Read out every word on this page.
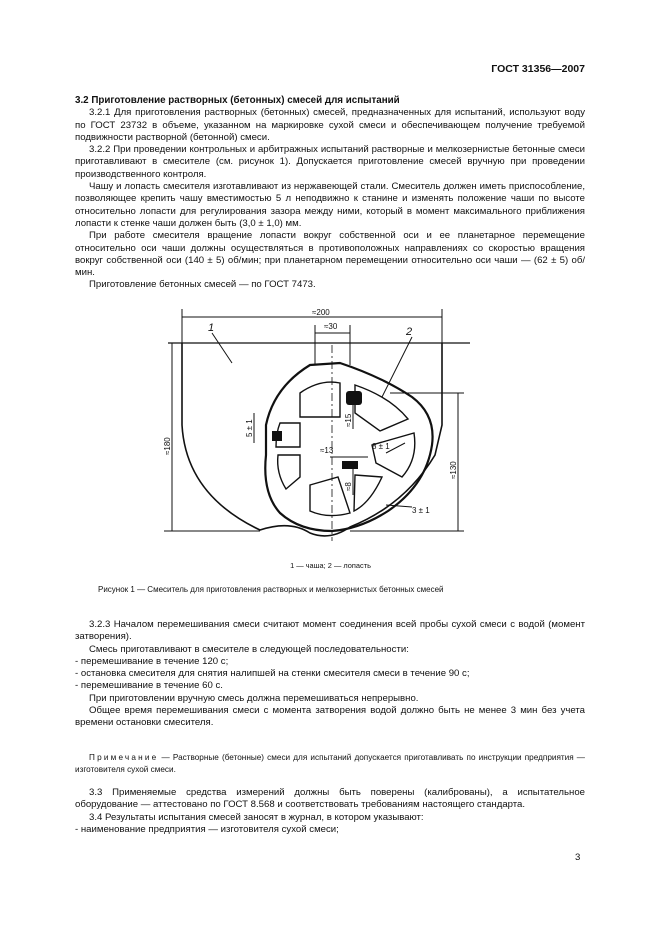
ГОСТ 31356—2007

3.2 Приготовление растворных (бетонных) смесей для испытаний

3.2.1 Для приготовления растворных (бетонных) смесей, предназначенных для испытаний, используют воду по ГОСТ 23732 в объеме, указанном на маркировке сухой смеси и обеспечивающем получение требуемой подвижности растворной (бетонной) смеси.

3.2.2 При проведении контрольных и арбитражных испытаний растворные и мелкозернистые бетонные смеси приготавливают в смесителе (см. рисунок 1). Допускается приготовление смесей вручную при проведении производственного контроля.

Чашу и лопасть смесителя изготавливают из нержавеющей стали. Смеситель должен иметь приспособление, позволяющее крепить чашу вместимостью 5 л неподвижно к станине и изменять положение чаши по высоте относительно лопасти для регулирования зазора между ними, который в момент максимального приближения лопасти к стенке чаши должен быть (3,0 ± 1,0) мм.

При работе смесителя вращение лопасти вокруг собственной оси и ее планетарное перемещение относительно оси чаши должны осуществляться в противоположных направлениях со скоростью вращения вокруг собственной оси (140 ± 5) об/мин; при планетарном перемещении относительно оси чаши — (62 ± 5) об/мин.

Приготовление бетонных смесей — по ГОСТ 7473.

≈200
≈30
1	2
8 ± 1
≈13
3 ± 1
5 ± 1	≈15
≈180
≈8
≈130
1 — чаша; 2 — лопасть
Рисунок 1 — Смеситель для приготовления растворных и мелкозернистых бетонных смесей

3.2.3 Началом перемешивания смеси считают момент соединения всей пробы сухой смеси с водой (момент затворения).

Смесь приготавливают в смесителе в следующей последовательности:

- перемешивание в течение 120 с;
- остановка смесителя для снятия налипшей на стенки смесителя смеси в течение 90 с;
- перемешивание в течение 60 с.

При приготовлении вручную смесь должна перемешиваться непрерывно.

Общее время перемешивания смеси с момента затворения водой должно быть не менее 3 мин без учета времени остановки смесителя.

Примечание — Растворные (бетонные) смеси для испытаний допускается приготавливать по инструкции предприятия — изготовителя сухой смеси.

3.3 Применяемые средства измерений должны быть поверены (калиброваны), а испытательное оборудование — аттестовано по ГОСТ 8.568 и соответствовать требованиям настоящего стандарта.

3.4 Результаты испытания смесей заносят в журнал, в котором указывают:

- наименование предприятия — изготовителя сухой смеси;
3
